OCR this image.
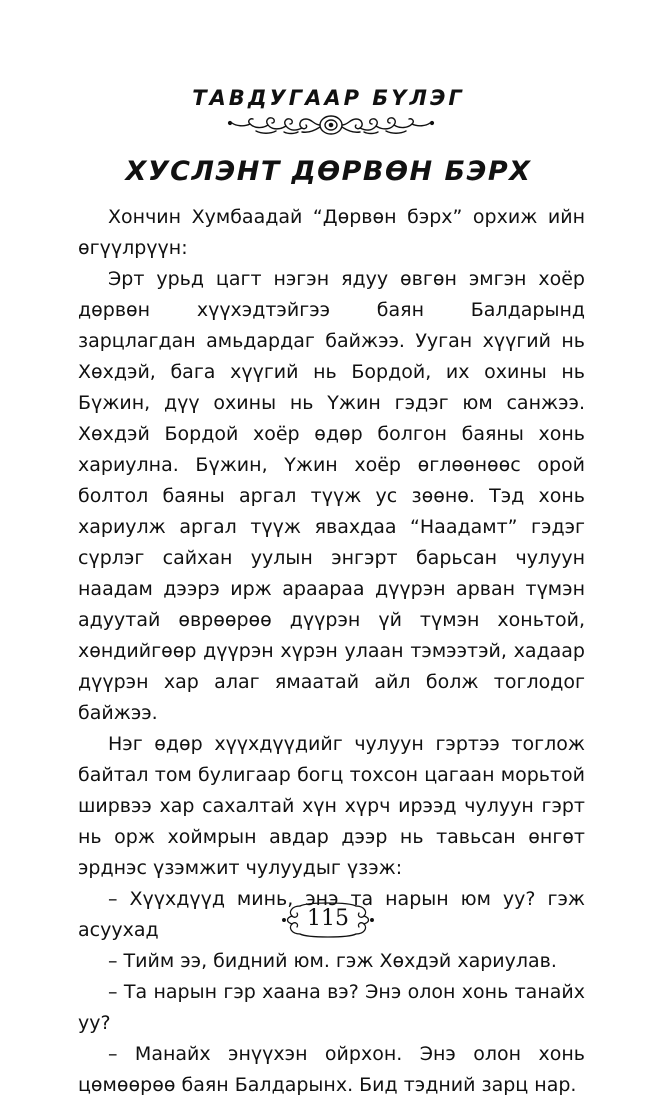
ТАВДУГААР БҮЛЭГ
ХУСЛЭНТ ДӨРВӨН БЭРХ

Хончин Хумбаадай “Дөрвөн бэрх” орхиж ийн өгүүлрүүн:

Эрт урьд цагт нэгэн ядуу өвгөн эмгэн хоёр дөрвөн хүүхэдтэйгээ баян Балдарынд зарцлагдан амьдардаг байжээ. Ууган хүүгий нь Хөхдэй, бага хүүгий нь Бордой, их охины нь Бүжин, дүү охины нь Үжин гэдэг юм санжээ. Хөхдэй Бордой хоёр өдөр болгон баяны хонь хариулна. Бүжин, Үжин хоёр өглөөнөөс орой болтол баяны аргал түүж ус зөөнө. Тэд хонь хариулж аргал түүж явахдаа “Наадамт” гэдэг сүрлэг сайхан уулын энгэрт барьсан чулуун наадам дээрэ ирж араараа дүүрэн арван түмэн адуутай өврөөрөө дүүрэн үй түмэн хоньтой, хөндийгөөр дүүрэн хүрэн улаан тэмээтэй, хадаар дүүрэн хар алаг ямаатай айл болж тоглодог байжээ.

Нэг өдөр хүүхдүүдийг чулуун гэртээ тоглож байтал том булигаар богц тохсон цагаан морьтой ширвээ хар сахалтай хүн хүрч ирээд чулуун гэрт нь орж хоймрын авдар дээр нь тавьсан өнгөт эрднэс үзэмжит чулуудыг үзэж:

– Хүүхдүүд минь, энэ та нарын юм уу? гэж асуухад

– Тийм ээ, бидний юм. гэж Хөхдэй хариулав.

– Та нарын гэр хаана вэ? Энэ олон хонь танайх уу?

– Манайх энүүхэн ойрхон. Энэ олон хонь цөмөөрөө баян Балдарынх. Бид тэдний зарц нар.

115
